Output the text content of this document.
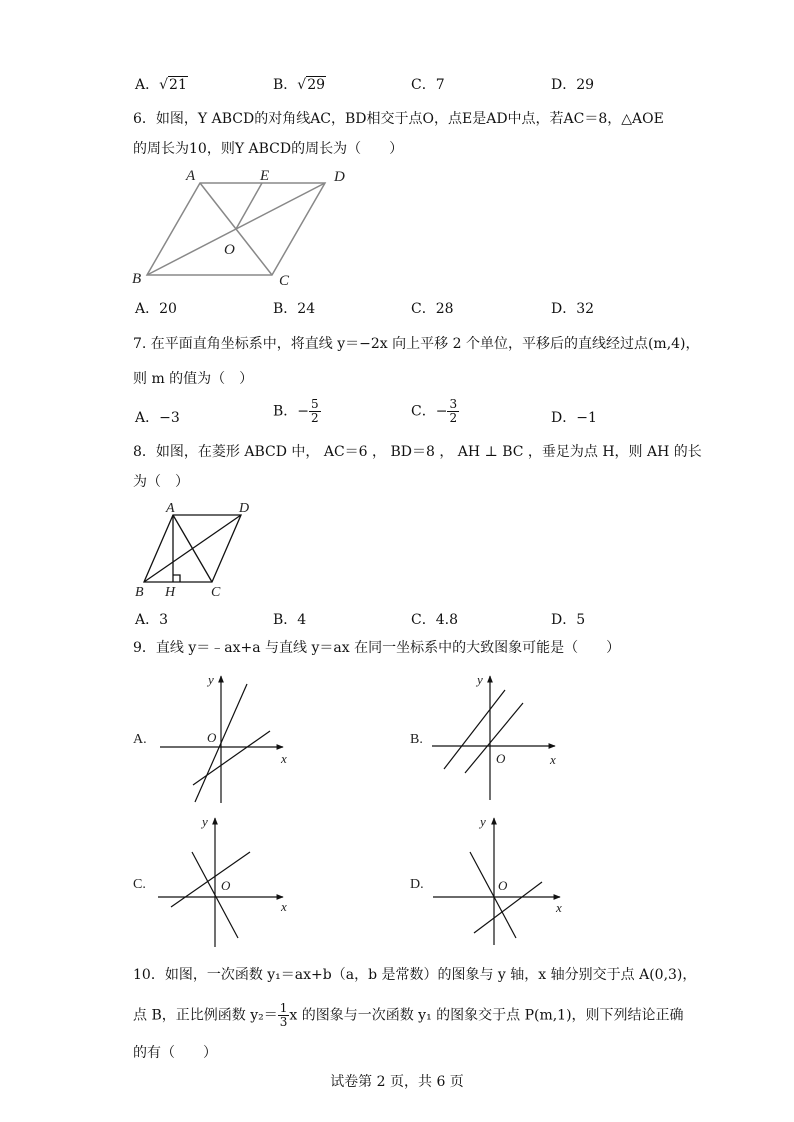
A．√21	B．√29	C．7	D．29
6．如图，Y ABCD的对角线AC，BD相交于点O，点E是AD中点，若AC＝8，△AOE
的周长为10，则Y ABCD的周长为（　　）
A	E	D
O
B	C
A．20	B．24	C．28	D．32
7. 在平面直角坐标系中，将直线 y＝−2x 向上平移 2 个单位，平移后的直线经过点(m,4)，
则 m 的值为（　）
A．−3	B．− $\frac{5}{2}$	C．− $\frac{3}{2}$	D．−1
8．如图，在菱形 ABCD 中， AC＝6 ， BD＝8 ， AH ⊥ BC ，垂足为点 H，则 AH 的长
为（　）
A	D
B H	C
A．3	B．4	C．4.8	D．5
9．直线 y＝﹣ax+a 与直线 y＝ax 在同一坐标系中的大致图象可能是（　　）
A.	O
x
y
B.
O	x
y
C.	O
x
y
D.	O
x
y
10．如图，一次函数 y₁＝ax+b（a，b 是常数）的图象与 y 轴，x 轴分别交于点 A(0,3)，
点 B，正比例函数 $y_2= \frac{1}{3}$ x 的图象与一次函数 y₁ 的图象交于点 P(m,1)，则下列结论正确
的有（　　）
试卷第 2 页，共 6 页
